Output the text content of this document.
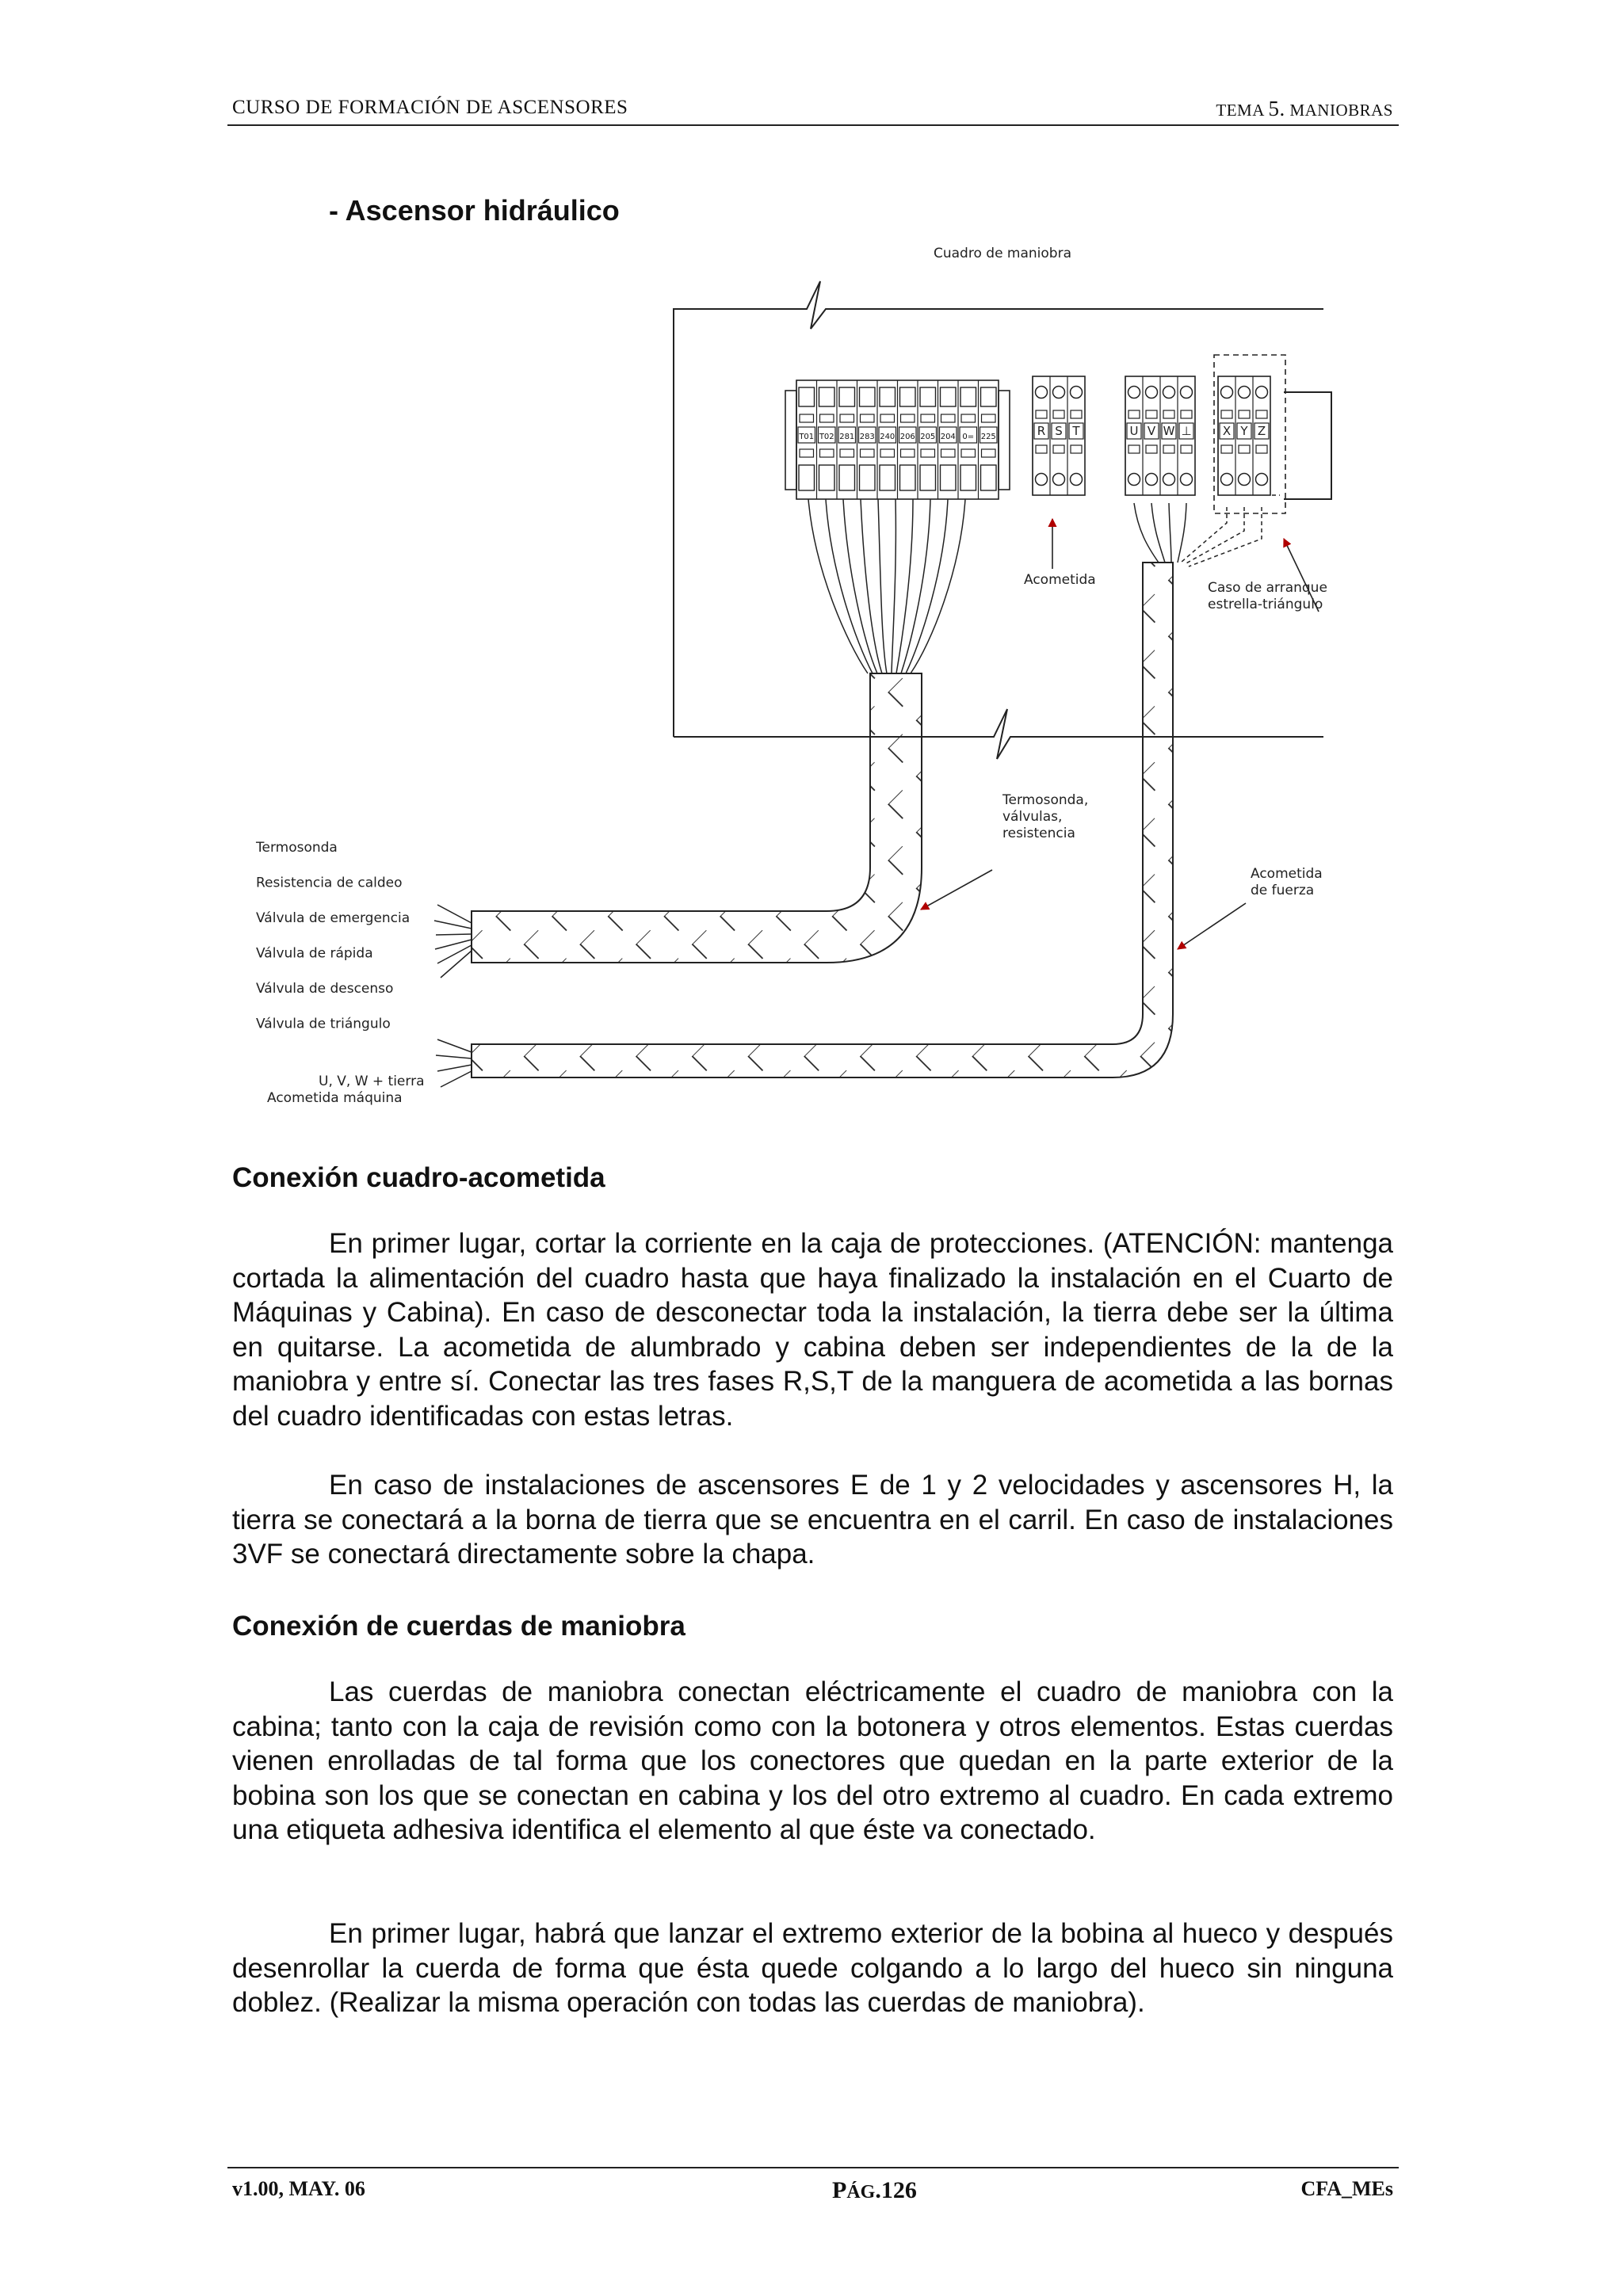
CURSO DE FORMACIÓN DE ASCENSORES	TEMA 5. MANIOBRAS
- Ascensor hidráulico
Cuadro de maniobra
T01 T02 281 283 240 206 205 204 0= 225	R S T	U V W ⊥	X Y Z
Acometida	Caso de arranque
estrella-triángulo
Termosonda,
válvulas,
resistencia
Acometida
de fuerza
Termosonda
Resistencia de caldeo
Válvula de emergencia
Válvula de rápida
Válvula de descenso
Válvula de triángulo
U, V, W + tierra
Acometida máquina
Conexión cuadro-acometida

En primer lugar, cortar la corriente en la caja de protecciones. (ATENCIÓN: mantenga cortada la alimentación del cuadro hasta que haya finalizado la instalación en el Cuarto de Máquinas y Cabina). En caso de desconectar toda la instalación, la tierra debe ser la última en quitarse. La acometida de alumbrado y cabina deben ser independientes de la de la maniobra y entre sí. Conectar las tres fases R,S,T de la manguera de acometida a las bornas del cuadro identificadas con estas letras.

En caso de instalaciones de ascensores E de 1 y 2 velocidades y ascensores H, la tierra se conectará a la borna de tierra que se encuentra en el carril. En caso de instalaciones 3VF se conectará directamente sobre la chapa.

Conexión de cuerdas de maniobra

Las cuerdas de maniobra conectan eléctricamente el cuadro de maniobra con la cabina; tanto con la caja de revisión como con la botonera y otros elementos. Estas cuerdas vienen enrolladas de tal forma que los conectores que quedan en la parte exterior de la bobina son los que se conectan en cabina y los del otro extremo al cuadro. En cada extremo una etiqueta adhesiva identifica el elemento al que éste va conectado.

En primer lugar, habrá que lanzar el extremo exterior de la bobina al hueco y después desenrollar la cuerda de forma que ésta quede colgando a lo largo del hueco sin ninguna doblez. (Realizar la misma operación con todas las cuerdas de maniobra).

v1.00, MAY. 06	PÁG.126	CFA_MEs
